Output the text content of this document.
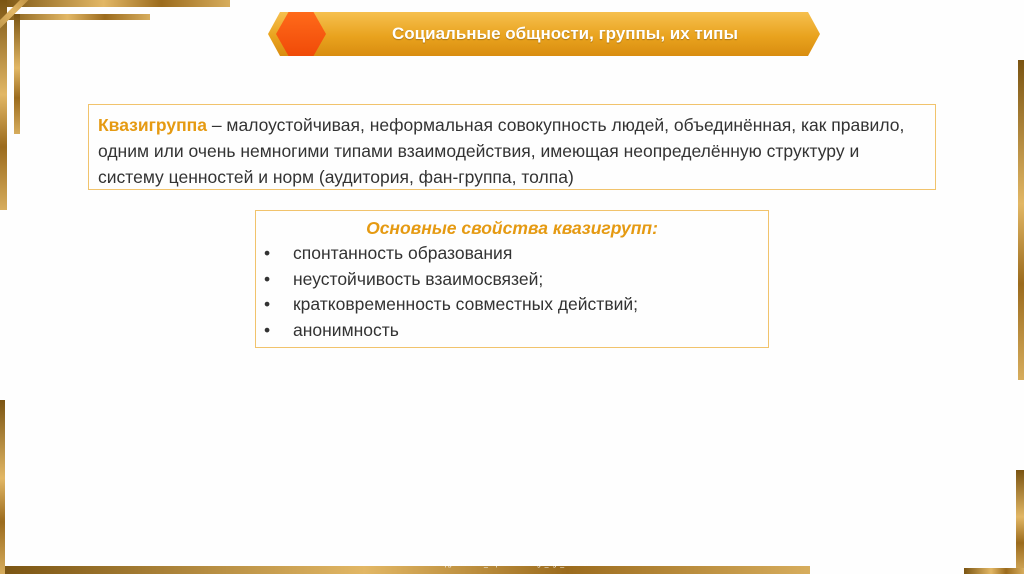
Социальные общности, группы, их типы
Квазигруппа – малоустойчивая, неформальная совокупность людей, объединённая, как правило, одним или очень немногими типами взаимодействия, имеющая неопределённую структуру и систему ценностей и норм (аудитория, фан-группа, толпа)
Основные свойства квазигрупп:
• спонтанность образования
• неустойчивость взаимосвязей;
• кратковременность совместных действий;
• анонимность
Хамидуллин Б.И._https://vk.com/ege_oge_obshestv
